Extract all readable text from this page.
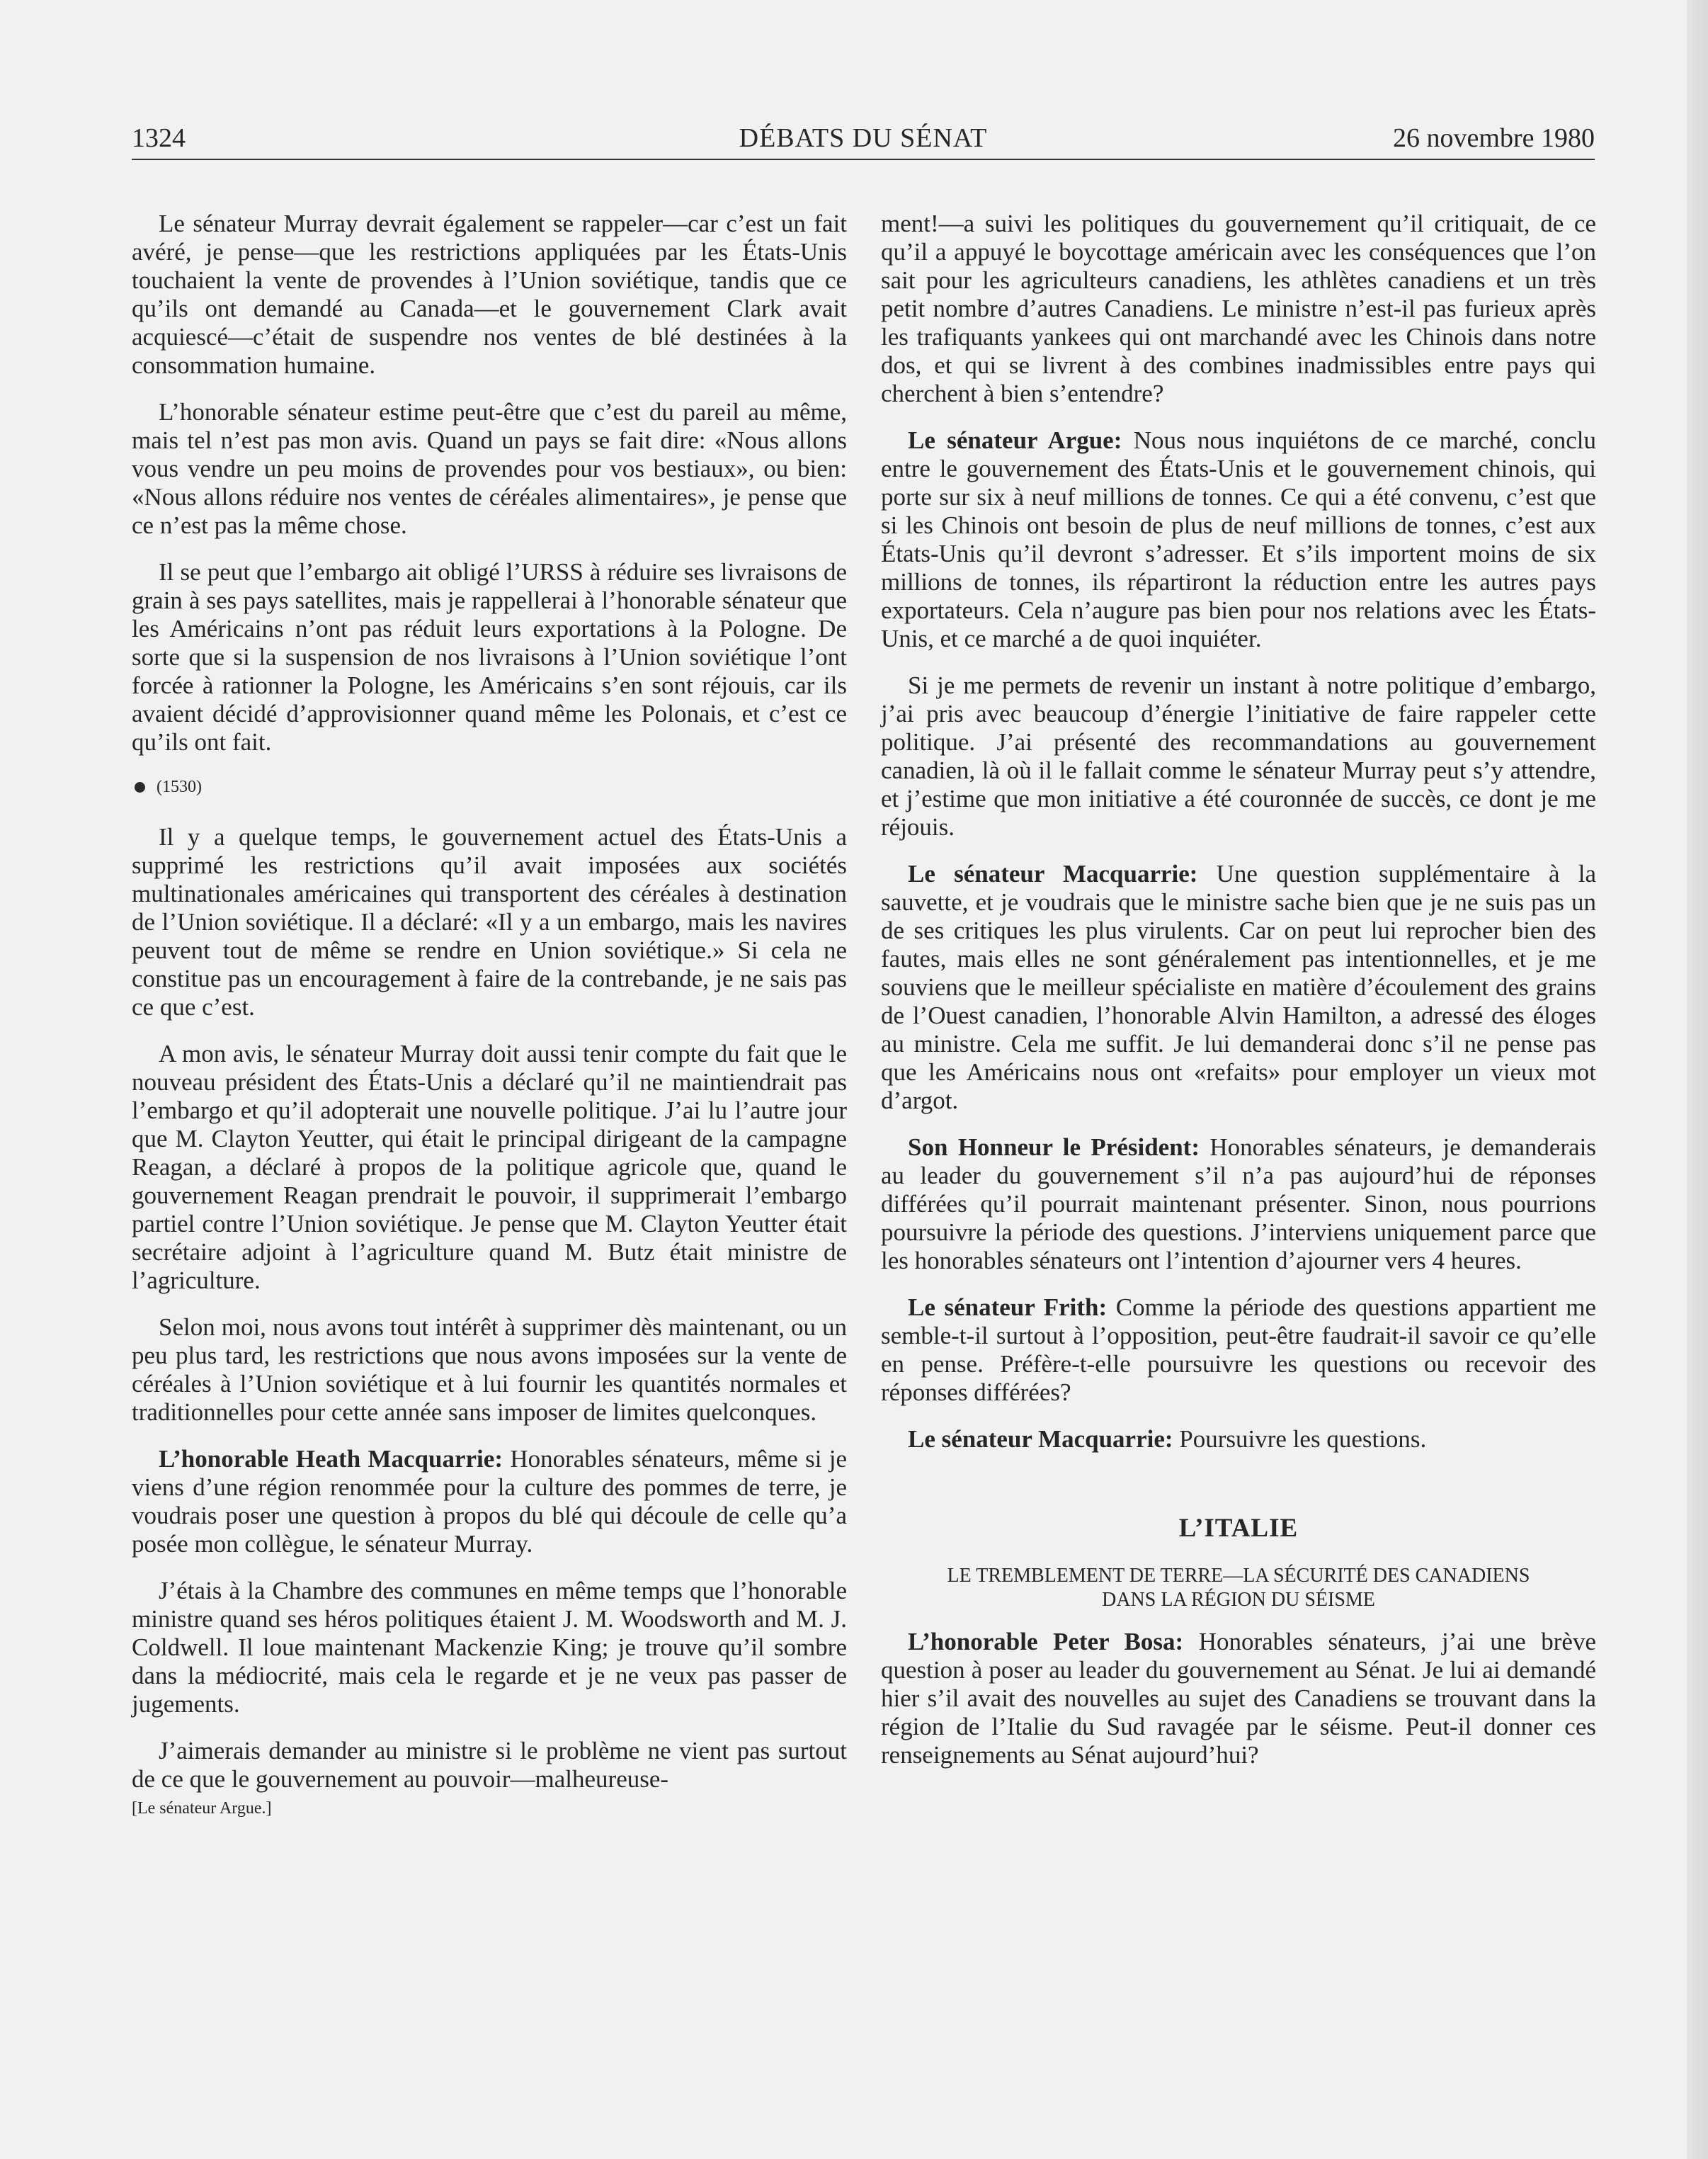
1324	DÉBATS DU SÉNAT	26 novembre 1980

Le sénateur Murray devrait également se rappeler—car c’est un fait avéré, je pense—que les restrictions appliquées par les États-Unis touchaient la vente de provendes à l’Union soviétique, tandis que ce qu’ils ont demandé au Canada—et le gouvernement Clark avait acquiescé—c’était de suspendre nos ventes de blé destinées à la consommation humaine.

L’honorable sénateur estime peut-être que c’est du pareil au même, mais tel n’est pas mon avis. Quand un pays se fait dire: «Nous allons vous vendre un peu moins de provendes pour vos bestiaux», ou bien: «Nous allons réduire nos ventes de céréales alimentaires», je pense que ce n’est pas la même chose.

Il se peut que l’embargo ait obligé l’URSS à réduire ses livraisons de grain à ses pays satellites, mais je rappellerai à l’honorable sénateur que les Américains n’ont pas réduit leurs exportations à la Pologne. De sorte que si la suspension de nos livraisons à l’Union soviétique l’ont forcée à rationner la Pologne, les Américains s’en sont réjouis, car ils avaient décidé d’approvisionner quand même les Polonais, et c’est ce qu’ils ont fait.

(1530)

Il y a quelque temps, le gouvernement actuel des États-Unis a supprimé les restrictions qu’il avait imposées aux sociétés multinationales américaines qui transportent des céréales à destination de l’Union soviétique. Il a déclaré: «Il y a un embargo, mais les navires peuvent tout de même se rendre en Union soviétique.» Si cela ne constitue pas un encouragement à faire de la contrebande, je ne sais pas ce que c’est.

A mon avis, le sénateur Murray doit aussi tenir compte du fait que le nouveau président des États-Unis a déclaré qu’il ne maintiendrait pas l’embargo et qu’il adopterait une nouvelle politique. J’ai lu l’autre jour que M. Clayton Yeutter, qui était le principal dirigeant de la campagne Reagan, a déclaré à propos de la politique agricole que, quand le gouvernement Reagan prendrait le pouvoir, il supprimerait l’embargo partiel contre l’Union soviétique. Je pense que M. Clayton Yeutter était secrétaire adjoint à l’agriculture quand M. Butz était ministre de l’agriculture.

Selon moi, nous avons tout intérêt à supprimer dès maintenant, ou un peu plus tard, les restrictions que nous avons imposées sur la vente de céréales à l’Union soviétique et à lui fournir les quantités normales et traditionnelles pour cette année sans imposer de limites quelconques.

L’honorable Heath Macquarrie: Honorables sénateurs, même si je viens d’une région renommée pour la culture des pommes de terre, je voudrais poser une question à propos du blé qui découle de celle qu’a posée mon collègue, le sénateur Murray.

J’étais à la Chambre des communes en même temps que l’honorable ministre quand ses héros politiques étaient J. M. Woodsworth and M. J. Coldwell. Il loue maintenant Mackenzie King; je trouve qu’il sombre dans la médiocrité, mais cela le regarde et je ne veux pas passer de jugements.

J’aimerais demander au ministre si le problème ne vient pas surtout de ce que le gouvernement au pouvoir—malheureuse-

[Le sénateur Argue.]

ment!—a suivi les politiques du gouvernement qu’il critiquait, de ce qu’il a appuyé le boycottage américain avec les conséquences que l’on sait pour les agriculteurs canadiens, les athlètes canadiens et un très petit nombre d’autres Canadiens. Le ministre n’est-il pas furieux après les trafiquants yankees qui ont marchandé avec les Chinois dans notre dos, et qui se livrent à des combines inadmissibles entre pays qui cherchent à bien s’entendre?

Le sénateur Argue: Nous nous inquiétons de ce marché, conclu entre le gouvernement des États-Unis et le gouvernement chinois, qui porte sur six à neuf millions de tonnes. Ce qui a été convenu, c’est que si les Chinois ont besoin de plus de neuf millions de tonnes, c’est aux États-Unis qu’il devront s’adresser. Et s’ils importent moins de six millions de tonnes, ils répartiront la réduction entre les autres pays exportateurs. Cela n’augure pas bien pour nos relations avec les États-Unis, et ce marché a de quoi inquiéter.

Si je me permets de revenir un instant à notre politique d’embargo, j’ai pris avec beaucoup d’énergie l’initiative de faire rappeler cette politique. J’ai présenté des recommandations au gouvernement canadien, là où il le fallait comme le sénateur Murray peut s’y attendre, et j’estime que mon initiative a été couronnée de succès, ce dont je me réjouis.

Le sénateur Macquarrie: Une question supplémentaire à la sauvette, et je voudrais que le ministre sache bien que je ne suis pas un de ses critiques les plus virulents. Car on peut lui reprocher bien des fautes, mais elles ne sont généralement pas intentionnelles, et je me souviens que le meilleur spécialiste en matière d’écoulement des grains de l’Ouest canadien, l’honorable Alvin Hamilton, a adressé des éloges au ministre. Cela me suffit. Je lui demanderai donc s’il ne pense pas que les Américains nous ont «refaits» pour employer un vieux mot d’argot.

Son Honneur le Président: Honorables sénateurs, je demanderais au leader du gouvernement s’il n’a pas aujourd’hui de réponses différées qu’il pourrait maintenant présenter. Sinon, nous pourrions poursuivre la période des questions. J’interviens uniquement parce que les honorables sénateurs ont l’intention d’ajourner vers 4 heures.

Le sénateur Frith: Comme la période des questions appartient me semble-t-il surtout à l’opposition, peut-être faudrait-il savoir ce qu’elle en pense. Préfère-t-elle poursuivre les questions ou recevoir des réponses différées?

Le sénateur Macquarrie: Poursuivre les questions.

L’ITALIE
LE TREMBLEMENT DE TERRE—LA SÉCURITÉ DES CANADIENS
DANS LA RÉGION DU SÉISME

L’honorable Peter Bosa: Honorables sénateurs, j’ai une brève question à poser au leader du gouvernement au Sénat. Je lui ai demandé hier s’il avait des nouvelles au sujet des Canadiens se trouvant dans la région de l’Italie du Sud ravagée par le séisme. Peut-il donner ces renseignements au Sénat aujourd’hui?
